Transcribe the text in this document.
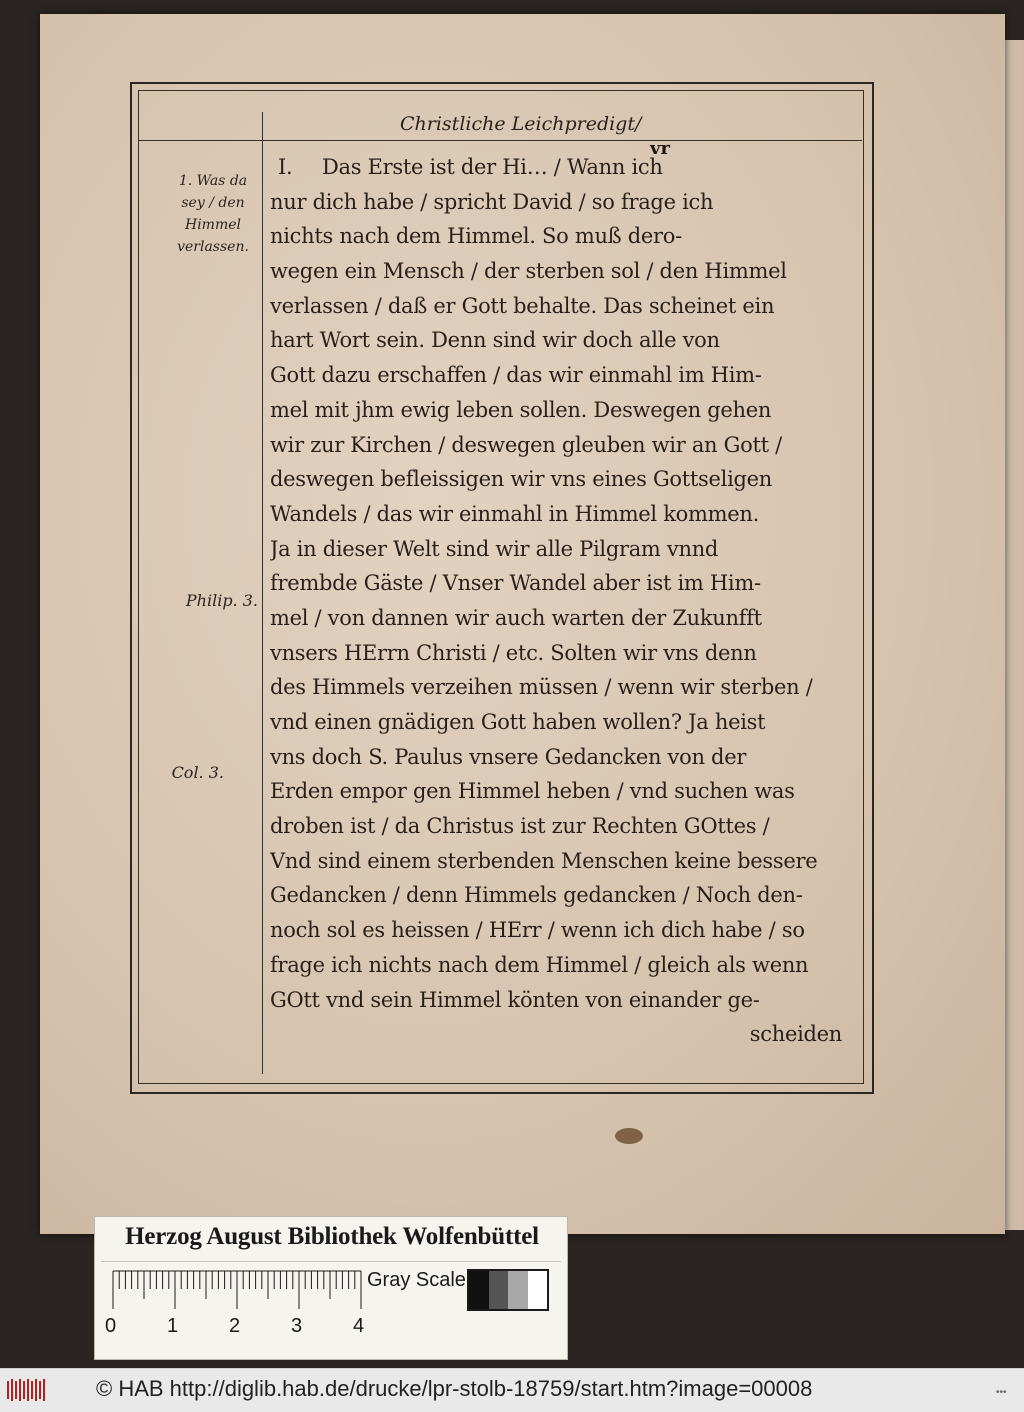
Christliche Leichpredigt/
vr
1. Was da sey / den Himmel verlassen.
Philip. 3.
Col. 3.
I. Das Erste ist der Hi… / Wann ich
nur dich habe / spricht David / so frage ich
nichts nach dem Himmel. So muß dero-
wegen ein Mensch / der sterben sol / den Himmel
verlassen / daß er Gott behalte. Das scheinet ein
hart Wort sein. Denn sind wir doch alle von
Gott dazu erschaffen / das wir einmahl im Him-
mel mit jhm ewig leben sollen. Deswegen gehen
wir zur Kirchen / deswegen gleuben wir an Gott /
deswegen befleissigen wir vns eines Gottseligen
Wandels / das wir einmahl in Himmel kommen.
Ja in dieser Welt sind wir alle Pilgram vnnd
frembde Gäste / Vnser Wandel aber ist im Him-
mel / von dannen wir auch warten der Zukunfft
vnsers HErrn Christi / etc. Solten wir vns denn
des Himmels verzeihen müssen / wenn wir sterben /
vnd einen gnädigen Gott haben wollen? Ja heist
vns doch S. Paulus vnsere Gedancken von der
Erden empor gen Himmel heben / vnd suchen was
droben ist / da Christus ist zur Rechten GOttes /
Vnd sind einem sterbenden Menschen keine bessere
Gedancken / denn Himmels gedancken / Noch den-
noch sol es heissen / HErr / wenn ich dich habe / so
frage ich nichts nach dem Himmel / gleich als wenn
GOtt vnd sein Himmel könten von einander ge-
scheiden
Herzog August Bibliothek Wolfenbüttel
0	1	2	3	4
Gray Scale
© HAB http://diglib.hab.de/drucke/lpr-stolb-18759/start.htm?image=00008	•••
